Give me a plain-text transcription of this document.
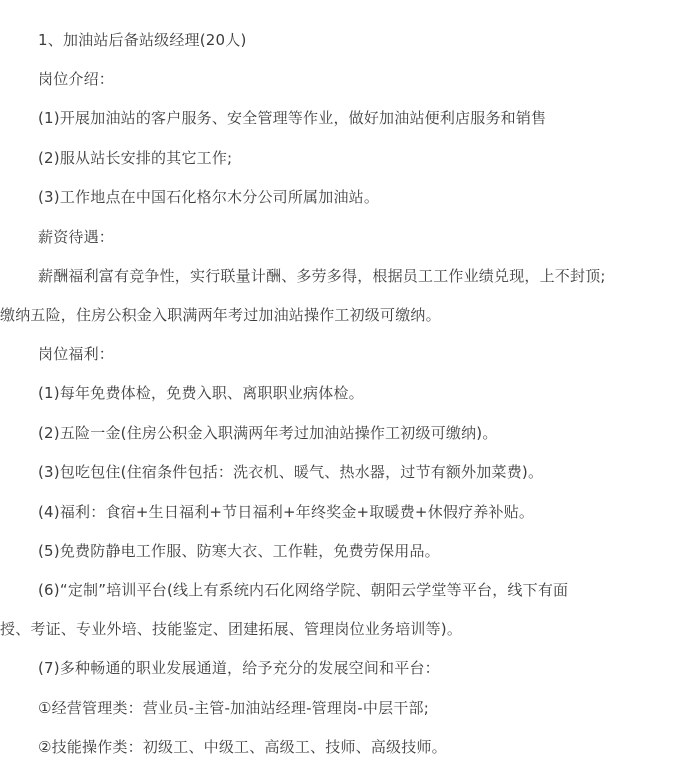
1、加油站后备站级经理(20人)
岗位介绍：
(1)开展加油站的客户服务、安全管理等作业，做好加油站便利店服务和销售
(2)服从站长安排的其它工作;
(3)工作地点在中国石化格尔木分公司所属加油站。
薪资待遇：
薪酬福利富有竞争性，实行联量计酬、多劳多得，根据员工工作业绩兑现，上不封顶;
缴纳五险，住房公积金入职满两年考过加油站操作工初级可缴纳。
岗位福利：
(1)每年免费体检，免费入职、离职职业病体检。
(2)五险一金(住房公积金入职满两年考过加油站操作工初级可缴纳)。
(3)包吃包住(住宿条件包括：洗衣机、暖气、热水器，过节有额外加菜费)。
(4)福利：食宿+生日福利+节日福利+年终奖金+取暖费+休假疗养补贴。
(5)免费防静电工作服、防寒大衣、工作鞋，免费劳保用品。
(6)“定制”培训平台(线上有系统内石化网络学院、朝阳云学堂等平台，线下有面
授、考证、专业外培、技能鉴定、团建拓展、管理岗位业务培训等)。
(7)多种畅通的职业发展通道，给予充分的发展空间和平台：
①经营管理类：营业员-主管-加油站经理-管理岗-中层干部;
②技能操作类：初级工、中级工、高级工、技师、高级技师。
